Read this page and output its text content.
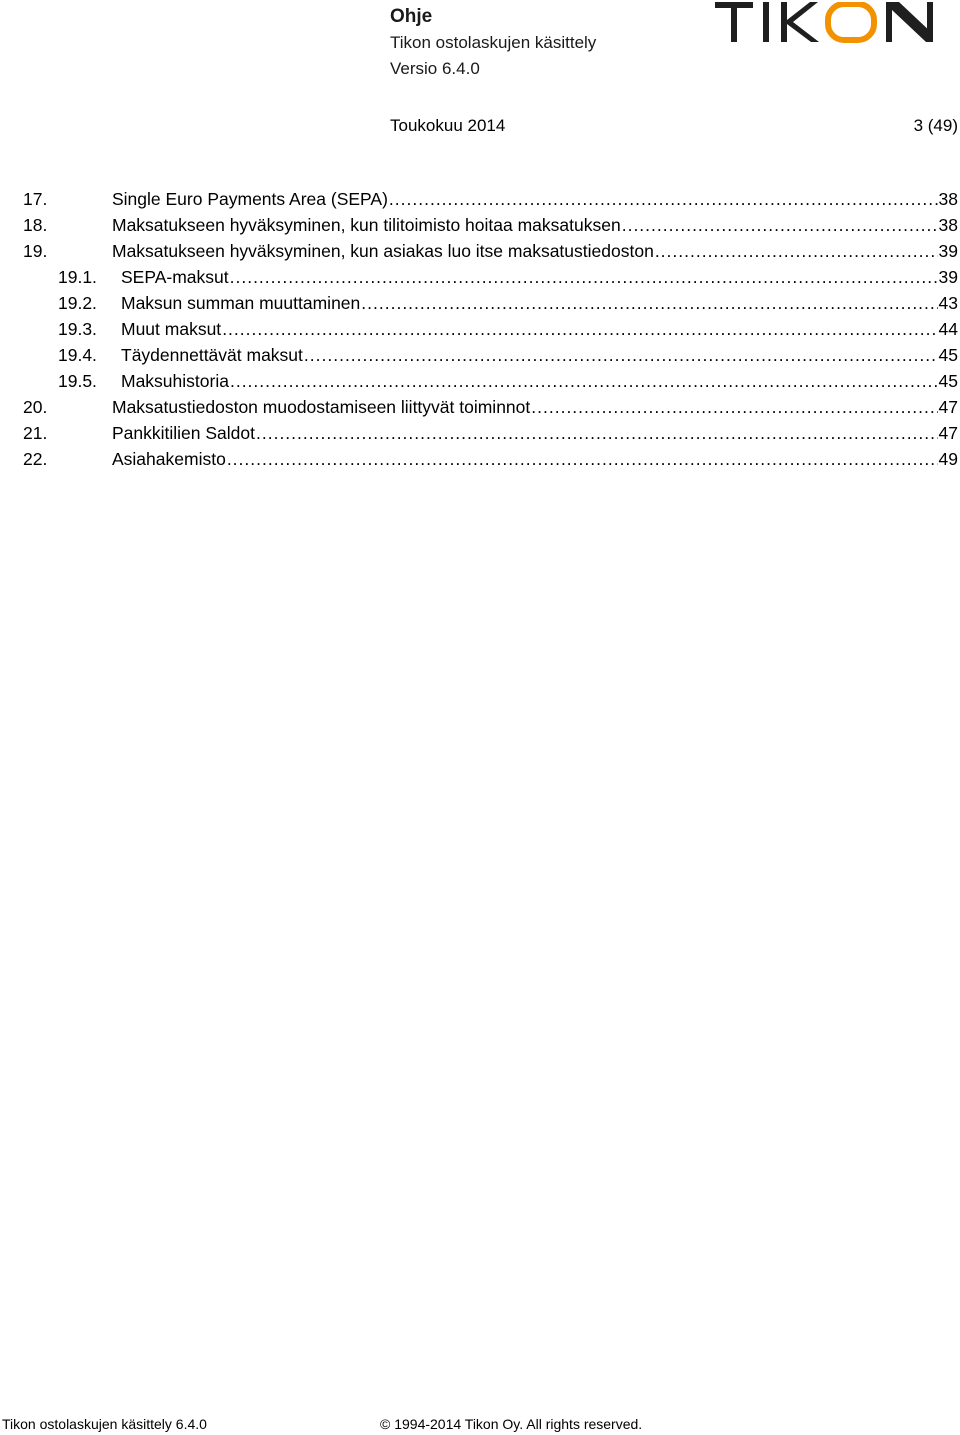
Ohje
Tikon ostolaskujen käsittely
Versio 6.4.0
Toukokuu 2014	3 (49)
17.	Single Euro Payments Area (SEPA) .....	38
18.	Maksatukseen hyväksyminen, kun tilitoimisto hoitaa maksatuksen .....	38
19.	Maksatukseen hyväksyminen, kun asiakas luo itse maksatustiedoston .....	39
19.1.	SEPA-maksut .....	39
19.2.	Maksun summan muuttaminen .....	43
19.3.	Muut maksut .....	44
19.4.	Täydennettävät maksut .....	45
19.5.	Maksuhistoria .....	45
20.	Maksatustiedoston muodostamiseen liittyvät toiminnot .....	47
21.	Pankkitilien Saldot .....	47
22.	Asiahakemisto .....	49
Tikon ostolaskujen käsittely 6.4.0	© 1994-2014 Tikon Oy. All rights reserved.
